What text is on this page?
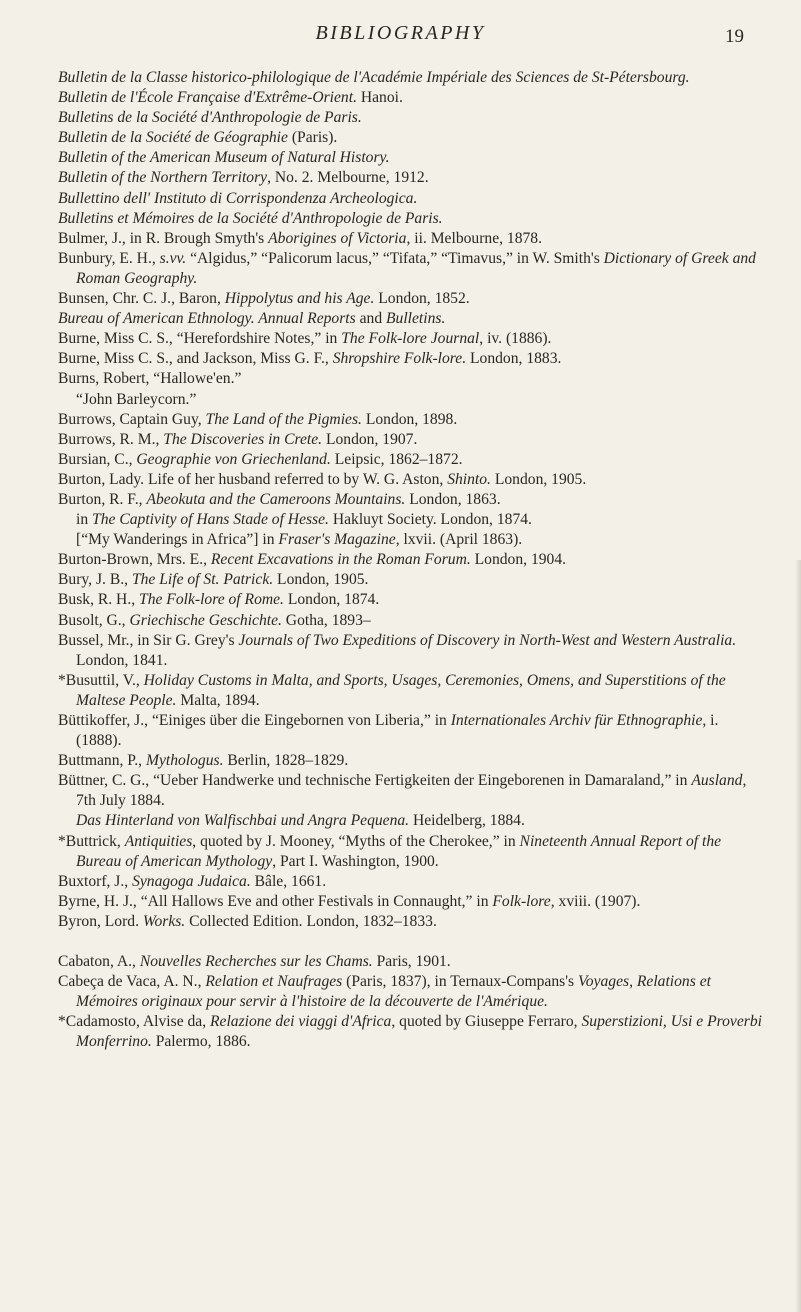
BIBLIOGRAPHY	19
Bulletin de la Classe historico-philologique de l'Académie Impériale des Sciences de St-Pétersbourg.
Bulletin de l'École Française d'Extrême-Orient. Hanoi.
Bulletins de la Société d'Anthropologie de Paris.
Bulletin de la Société de Géographie (Paris).
Bulletin of the American Museum of Natural History.
Bulletin of the Northern Territory, No. 2. Melbourne, 1912.
Bullettino dell' Instituto di Corrispondenza Archeologica.
Bulletins et Mémoires de la Société d'Anthropologie de Paris.
Bulmer, J., in R. Brough Smyth's Aborigines of Victoria, ii. Melbourne, 1878.
Bunbury, E. H., s.vv. “Algidus,” “Palicorum lacus,” “Tifata,” “Timavus,” in W. Smith's Dictionary of Greek and Roman Geography.
Bunsen, Chr. C. J., Baron, Hippolytus and his Age. London, 1852.
Bureau of American Ethnology. Annual Reports and Bulletins.
Burne, Miss C. S., “Herefordshire Notes,” in The Folk-lore Journal, iv. (1886).
Burne, Miss C. S., and Jackson, Miss G. F., Shropshire Folk-lore. London, 1883.
Burns, Robert, “Hallowe'en.”
“John Barleycorn.”
Burrows, Captain Guy, The Land of the Pigmies. London, 1898.
Burrows, R. M., The Discoveries in Crete. London, 1907.
Bursian, C., Geographie von Griechenland. Leipsic, 1862–1872.
Burton, Lady. Life of her husband referred to by W. G. Aston, Shinto. London, 1905.
Burton, R. F., Abeokuta and the Cameroons Mountains. London, 1863.
in The Captivity of Hans Stade of Hesse. Hakluyt Society. London, 1874.
[“My Wanderings in Africa”] in Fraser's Magazine, lxvii. (April 1863).
Burton-Brown, Mrs. E., Recent Excavations in the Roman Forum. London, 1904.
Bury, J. B., The Life of St. Patrick. London, 1905.
Busk, R. H., The Folk-lore of Rome. London, 1874.
Busolt, G., Griechische Geschichte. Gotha, 1893–
Bussel, Mr., in Sir G. Grey's Journals of Two Expeditions of Discovery in North-West and Western Australia. London, 1841.
*Busuttil, V., Holiday Customs in Malta, and Sports, Usages, Ceremonies, Omens, and Superstitions of the Maltese People. Malta, 1894.
Büttikoffer, J., “Einiges über die Eingebornen von Liberia,” in Internationales Archiv für Ethnographie, i. (1888).
Buttmann, P., Mythologus. Berlin, 1828–1829.
Büttner, C. G., “Ueber Handwerke und technische Fertigkeiten der Eingeborenen in Damaraland,” in Ausland, 7th July 1884.
Das Hinterland von Walfischbai und Angra Pequena. Heidelberg, 1884.
*Buttrick, Antiquities, quoted by J. Mooney, “Myths of the Cherokee,” in Nineteenth Annual Report of the Bureau of American Mythology, Part I. Washington, 1900.
Buxtorf, J., Synagoga Judaica. Bâle, 1661.
Byrne, H. J., “All Hallows Eve and other Festivals in Connaught,” in Folk-lore, xviii. (1907).
Byron, Lord. Works. Collected Edition. London, 1832–1833.
Cabaton, A., Nouvelles Recherches sur les Chams. Paris, 1901.
Cabeça de Vaca, A. N., Relation et Naufrages (Paris, 1837), in Ternaux-Compans's Voyages, Relations et Mémoires originaux pour servir à l'histoire de la découverte de l'Amérique.
*Cadamosto, Alvise da, Relazione dei viaggi d'Africa, quoted by Giuseppe Ferraro, Superstizioni, Usi e Proverbi Monferrino. Palermo, 1886.
